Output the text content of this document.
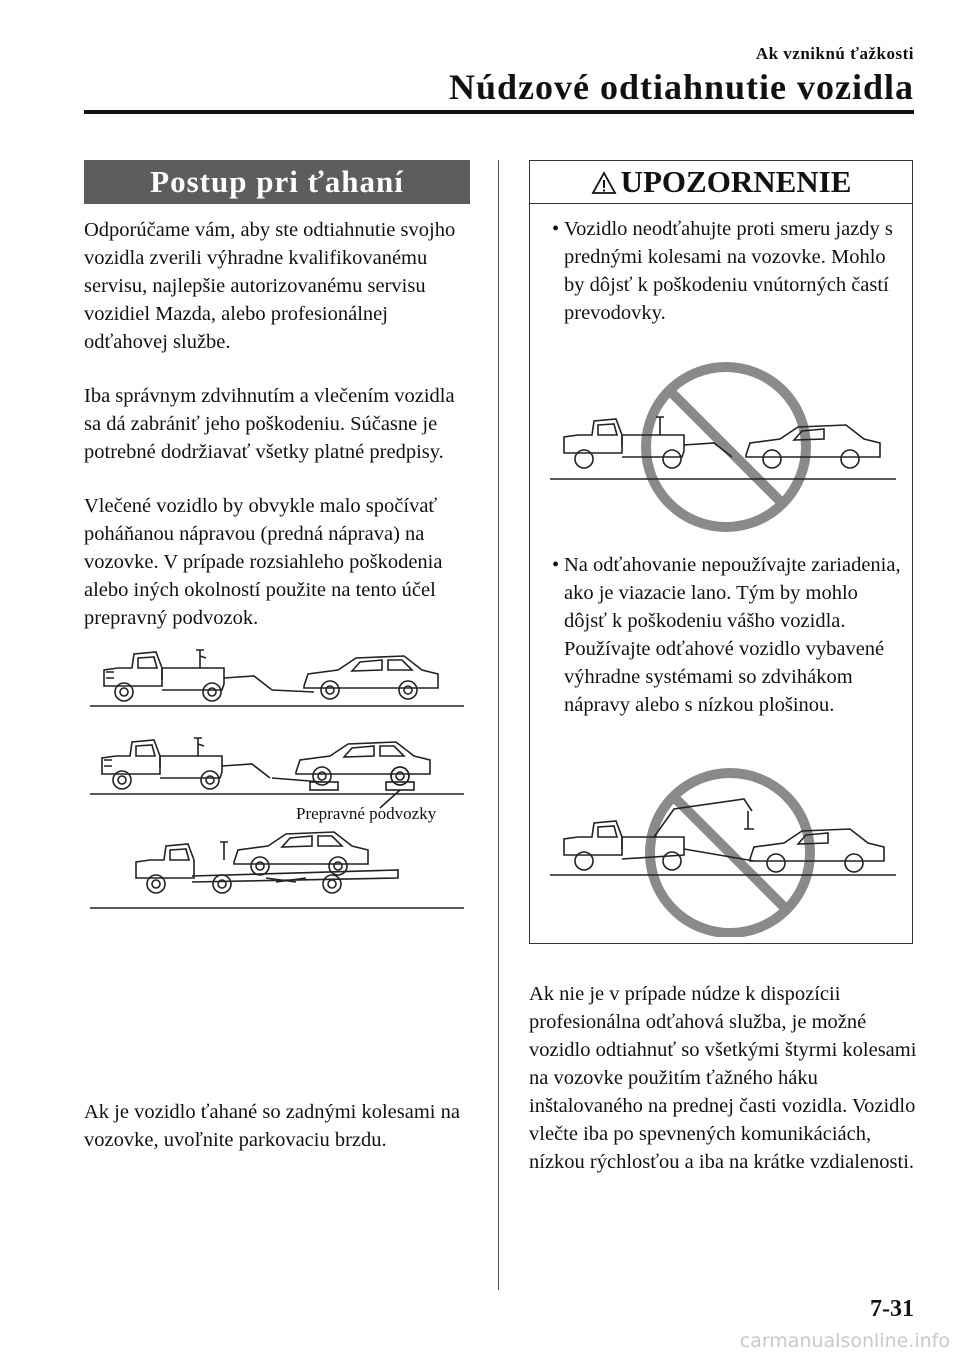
Ak vzniknú ťažkosti
Núdzové odtiahnutie vozidla
Postup pri ťahaní

Odporúčame vám, aby ste odtiahnutie svojho vozidla zverili výhradne kvalifikovanému servisu, najlepšie autorizovanému servisu vozidiel Mazda, alebo profesionálnej odťahovej službe.

Iba správnym zdvihnutím a vlečením vozidla sa dá zabrániť jeho poškodeniu. Súčasne je potrebné dodržiavať všetky platné predpisy.

Vlečené vozidlo by obvykle malo spočívať poháňanou nápravou (predná náprava) na vozovke. V prípade rozsiahleho poškodenia alebo iných okolností použite na tento účel prepravný podvozok.

Prepravné podvozky

Ak je vozidlo ťahané so zadnými kolesami na vozovke, uvoľnite parkovaciu brzdu.

UPOZORNENIE
• Vozidlo neodťahujte proti smeru jazdy s prednými kolesami na vozovke. Mohlo by dôjsť k poškodeniu vnútorných častí prevodovky.
• Na odťahovanie nepoužívajte zariadenia, ako je viazacie lano. Tým by mohlo dôjsť k poškodeniu vášho vozidla. Používajte odťahové vozidlo vybavené výhradne systémami so zdvihákom nápravy alebo s nízkou plošinou.

Ak nie je v prípade núdze k dispozícii profesionálna odťahová služba, je možné vozidlo odtiahnuť so všetkými štyrmi kolesami na vozovke použitím ťažného háku inštalovaného na prednej časti vozidla. Vozidlo vlečte iba po spevnených komunikáciách, nízkou rýchlosťou a iba na krátke vzdialenosti.

7-31
carmanualsonline.info
